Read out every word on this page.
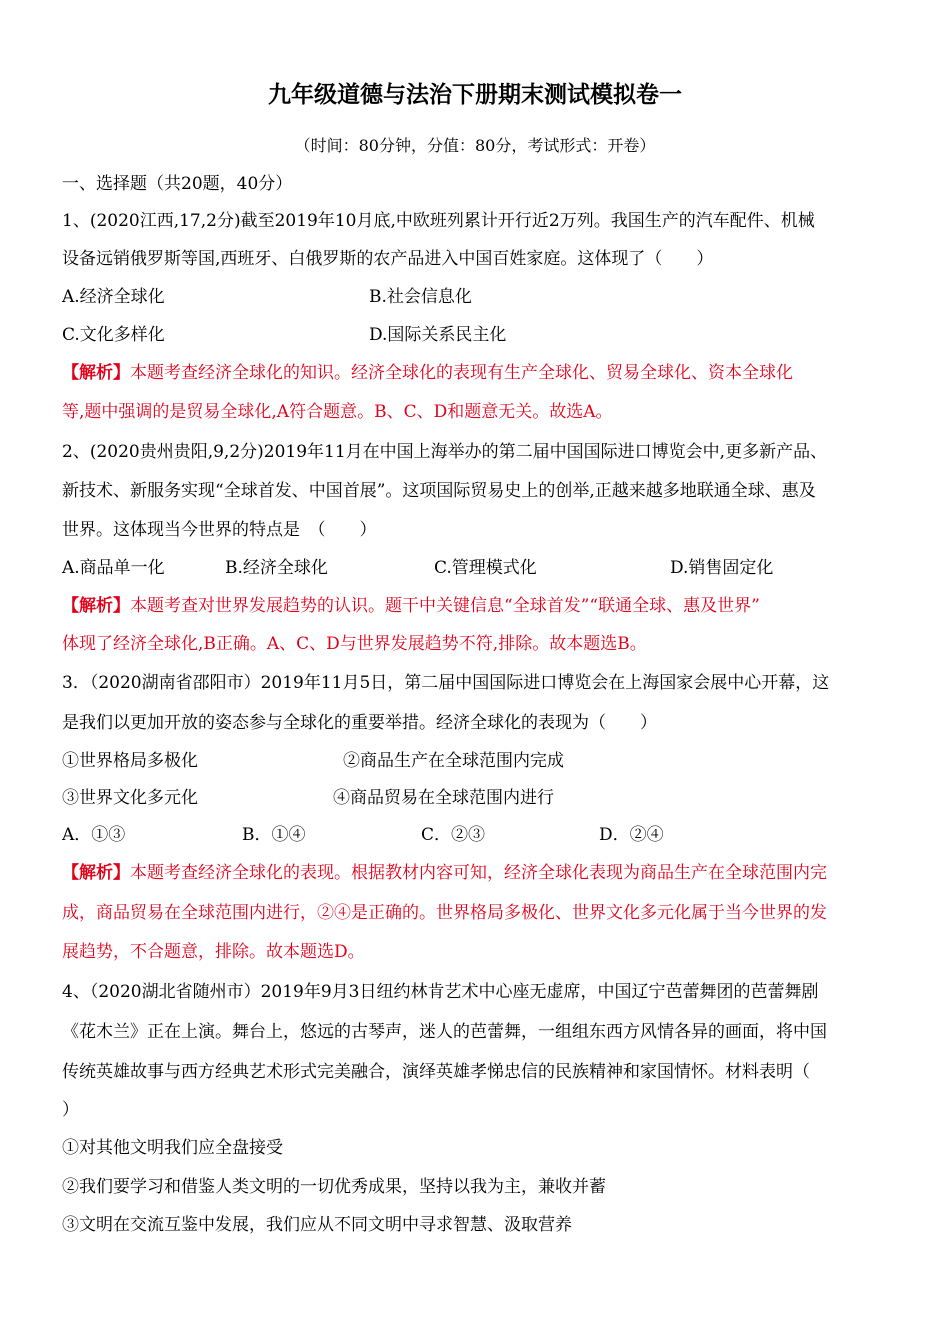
九年级道德与法治下册期末测试模拟卷一
（时间：80分钟，分值：80分，考试形式：开卷）
一、选择题（共20题，40分）
1、(2020江西,17,2分)截至2019年10月底,中欧班列累计开行近2万列。我国生产的汽车配件、机械
设备远销俄罗斯等国,西班牙、白俄罗斯的农产品进入中国百姓家庭。这体现了（　　）
A.经济全球化	B.社会信息化
C.文化多样化	D.国际关系民主化
【解析】本题考查经济全球化的知识。经济全球化的表现有生产全球化、贸易全球化、资本全球化
等,题中强调的是贸易全球化,A符合题意。B、C、D和题意无关。故选A。
2、(2020贵州贵阳,9,2分)2019年11月在中国上海举办的第二届中国国际进口博览会中,更多新产品、
新技术、新服务实现“全球首发、中国首展”。这项国际贸易史上的创举,正越来越多地联通全球、惠及
世界。这体现当今世界的特点是　（　　）
A.商品单一化	B.经济全球化	C.管理模式化	D.销售固定化
【解析】本题考查对世界发展趋势的认识。题干中关键信息“全球首发”“联通全球、惠及世界”
体现了经济全球化,B正确。A、C、D与世界发展趋势不符,排除。故本题选B。
3．（2020湖南省邵阳市）2019年11月5日，第二届中国国际进口博览会在上海国家会展中心开幕，这
是我们以更加开放的姿态参与全球化的重要举措。经济全球化的表现为（　　）
①世界格局多极化	②商品生产在全球范围内完成
③世界文化多元化	④商品贸易在全球范围内进行
A．①③	B．①④	C．②③	D．②④
【解析】本题考查经济全球化的表现。根据教材内容可知，经济全球化表现为商品生产在全球范围内完
成，商品贸易在全球范围内进行，②④是正确的。世界格局多极化、世界文化多元化属于当今世界的发
展趋势，不合题意，排除。故本题选D。
4、（2020湖北省随州市）2019年9月3日纽约林肯艺术中心座无虚席，中国辽宁芭蕾舞团的芭蕾舞剧
《花木兰》正在上演。舞台上，悠远的古琴声，迷人的芭蕾舞，一组组东西方风情各异的画面，将中国
传统英雄故事与西方经典艺术形式完美融合，演绎英雄孝悌忠信的民族精神和家国情怀。材料表明（
）
①对其他文明我们应全盘接受
②我们要学习和借鉴人类文明的一切优秀成果，坚持以我为主，兼收并蓄
③文明在交流互鉴中发展，我们应从不同文明中寻求智慧、汲取营养
